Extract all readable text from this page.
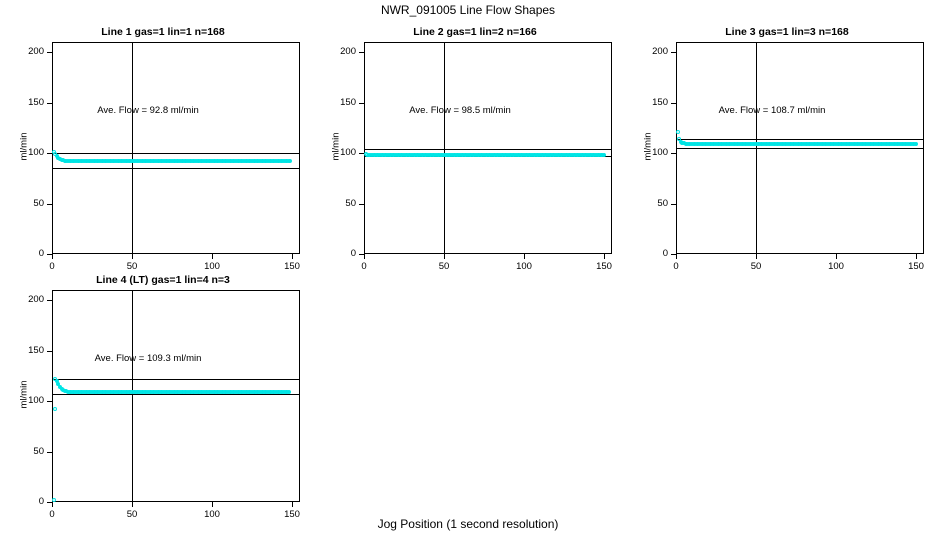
NWR_091005 Line Flow Shapes
Line 1 gas=1 lin=1 n=168
ml/min
0
50
100
150
200
0	50	100	150
Ave. Flow = 92.8 ml/min
Line 2 gas=1 lin=2 n=166
ml/min
0
50
100
150
200
0	50	100	150
Ave. Flow = 98.5 ml/min
Line 3 gas=1 lin=3 n=168
ml/min
0
50
100
150
200
0	50	100	150
Ave. Flow = 108.7 ml/min
Line 4 (LT) gas=1 lin=4 n=3
ml/min
0
50
100
150
200
0	50	100	150
Ave. Flow = 109.3 ml/min
Jog Position (1 second resolution)
